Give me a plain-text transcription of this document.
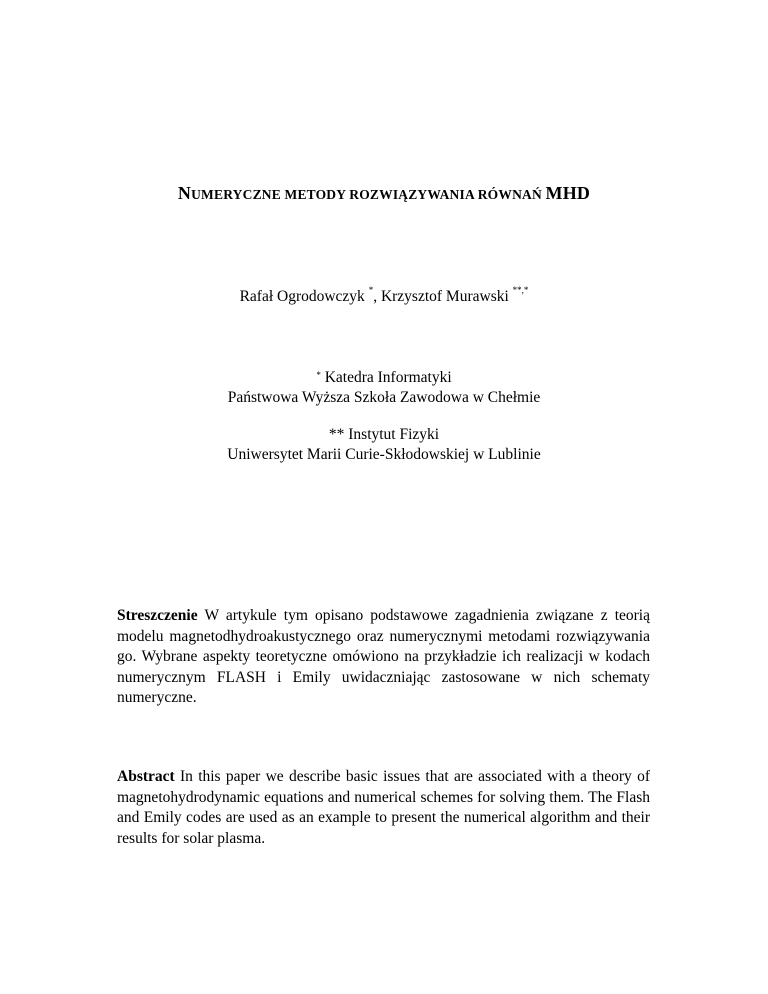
NUMERYCZNE METODY ROZWIĄZYWANIA RÓWNAŃ MHD
Rafał Ogrodowczyk *, Krzysztof Murawski **,*
* Katedra Informatyki
Państwowa Wyższa Szkoła Zawodowa w Chełmie
** Instytut Fizyki
Uniwersytet Marii Curie-Skłodowskiej w Lublinie
Streszczenie W artykule tym opisano podstawowe zagadnienia związane z teorią modelu magnetodhydroakustycznego oraz numerycznymi metodami rozwiązywania go. Wybrane aspekty teoretyczne omówiono na przykładzie ich realizacji w kodach numerycznym FLASH i Emily uwidaczniając zastosowane w nich schematy numeryczne.
Abstract In this paper we describe basic issues that are associated with a theory of magnetohydrodynamic equations and numerical schemes for solving them. The Flash and Emily codes are used as an example to present the numerical algorithm and their results for solar plasma.
